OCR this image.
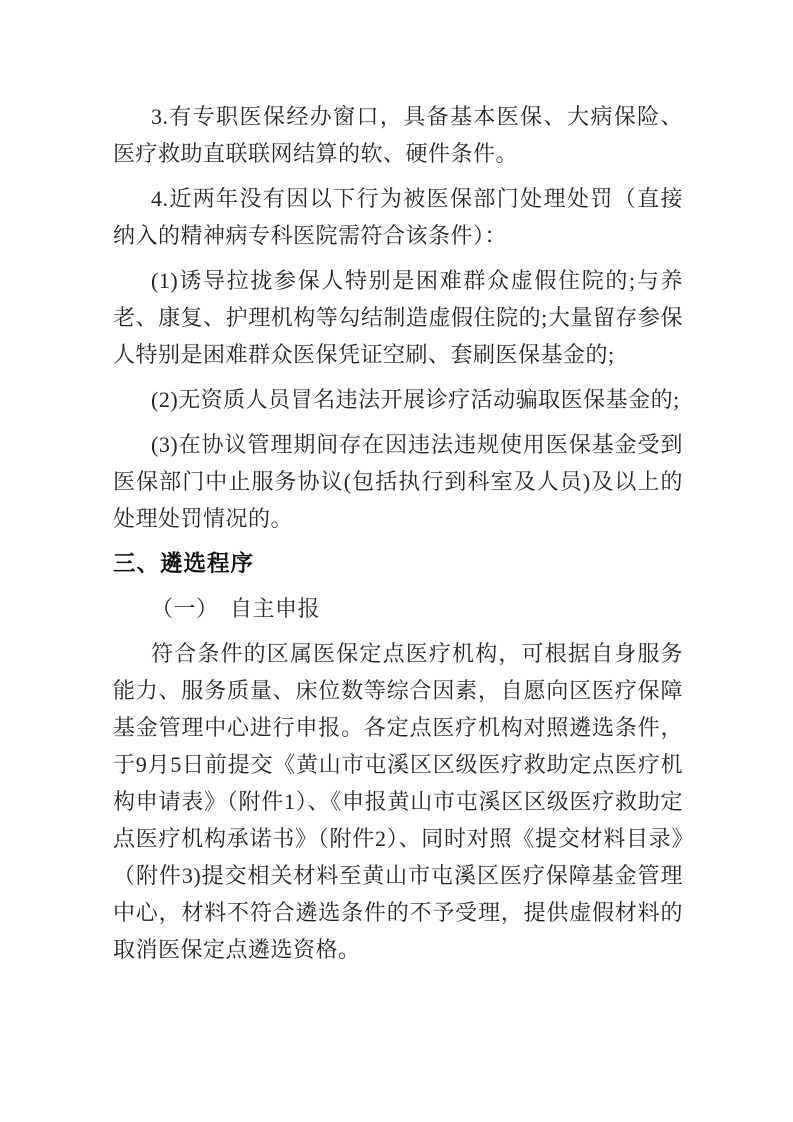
3.有专职医保经办窗口，具备基本医保、大病保险、医疗救助直联联网结算的软、硬件条件。

4.近两年没有因以下行为被医保部门处理处罚（直接纳入的精神病专科医院需符合该条件）：

(1)诱导拉拢参保人特别是困难群众虚假住院的;与养老、康复、护理机构等勾结制造虚假住院的;大量留存参保人特别是困难群众医保凭证空刷、套刷医保基金的;

(2)无资质人员冒名违法开展诊疗活动骗取医保基金的;

(3)在协议管理期间存在因违法违规使用医保基金受到医保部门中止服务协议(包括执行到科室及人员)及以上的处理处罚情况的。

三、遴选程序

（一）　自主申报

符合条件的区属医保定点医疗机构，可根据自身服务能力、服务质量、床位数等综合因素，自愿向区医疗保障基金管理中心进行申报。各定点医疗机构对照遴选条件，于9月5日前提交《黄山市屯溪区区级医疗救助定点医疗机构申请表》（附件1）、《申报黄山市屯溪区区级医疗救助定点医疗机构承诺书》（附件2）、同时对照《提交材料目录》（附件3)提交相关材料至黄山市屯溪区医疗保障基金管理中心，材料不符合遴选条件的不予受理，提供虚假材料的取消医保定点遴选资格。
